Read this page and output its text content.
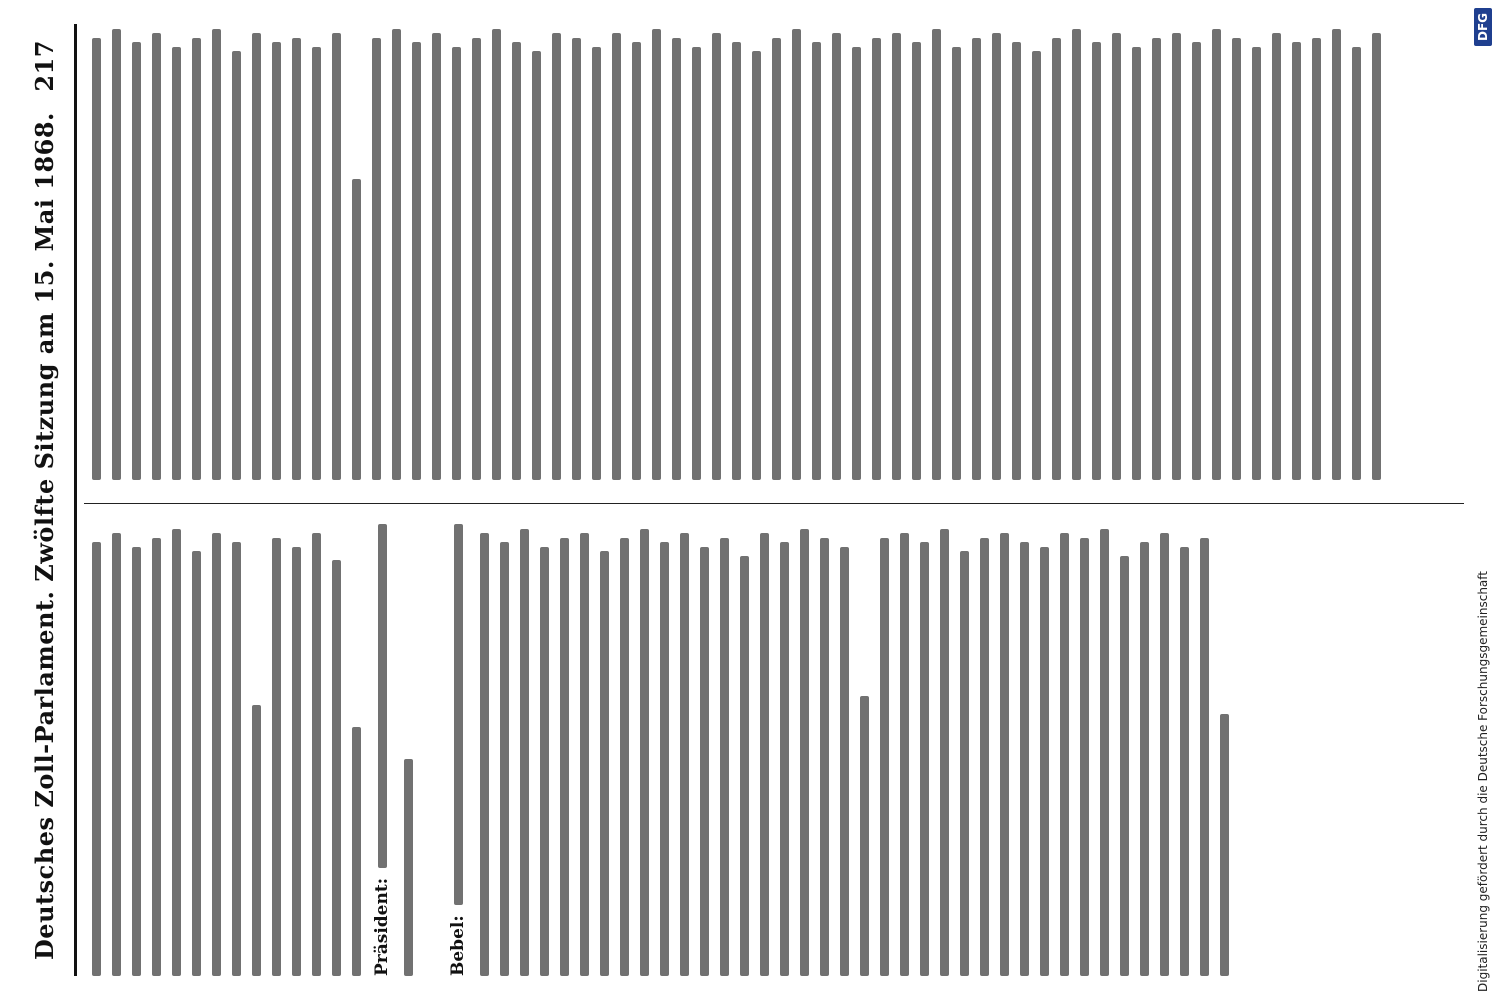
Deutsches Zoll-Parlament. Zwölfte Sitzung am 15. Mai 1868.
217
Präsident:	Bebel:	Digitalisierung gefördert durch die Deutsche Forschungsgemeinschaft
DFG
